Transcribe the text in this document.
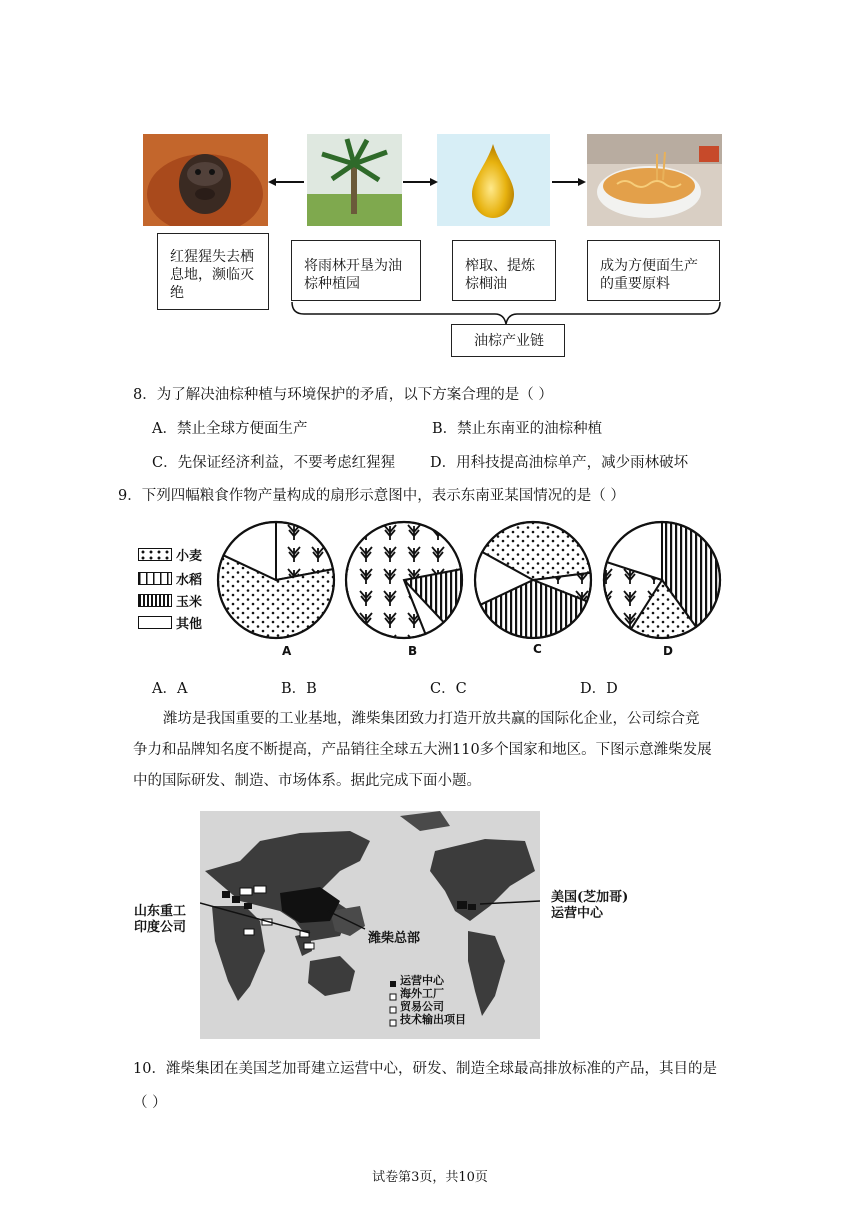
红猩猩失去栖息地，濒临灭绝
将雨林开垦为油棕种植园
榨取、提炼棕榈油
成为方便面生产的重要原料
油棕产业链
8．为了解决油棕种植与环境保护的矛盾，以下方案合理的是（ ）
A．禁止全球方便面生产	B．禁止东南亚的油棕种植
C．先保证经济利益，不要考虑红猩猩 D．用科技提高油棕单产，减少雨林破坏
9．下列四幅粮食作物产量构成的扇形示意图中，表示东南亚某国情况的是（ ）
小麦
水稻
玉米
其他
A	B	C	D
A．A	B．B	C．C	D．D
潍坊是我国重要的工业基地，潍柴集团致力打造开放共赢的国际化企业，公司综合竞
争力和品牌知名度不断提高，产品销往全球五大洲110多个国家和地区。下图示意潍柴发展
中的国际研发、制造、市场体系。据此完成下面小题。
运营中心
海外工厂
贸易公司
技术输出项目
潍柴总部
山东重工
印度公司
美国(芝加哥)
运营中心
10．潍柴集团在美国芝加哥建立运营中心，研发、制造全球最高排放标准的产品，其目的是
（ ）
试卷第3页，共10页
